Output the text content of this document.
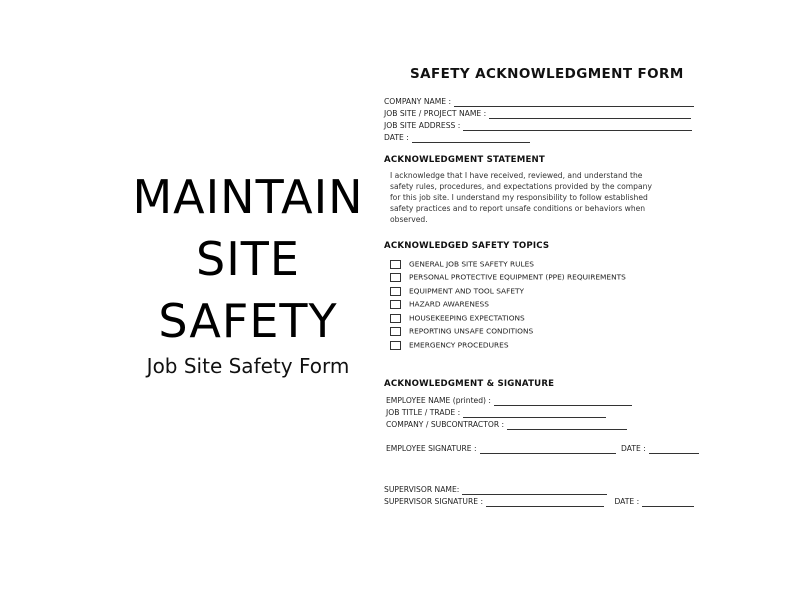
MAINTAIN
SITE
SAFETY
Job Site Safety Form
SAFETY ACKNOWLEDGMENT FORM
COMPANY NAME :
JOB SITE / PROJECT NAME :
JOB SITE ADDRESS :
DATE :
ACKNOWLEDGMENT STATEMENT
I acknowledge that I have received, reviewed, and understand the safety rules, procedures, and expectations provided by the company for this job site. I understand my responsibility to follow established safety practices and to report unsafe conditions or behaviors when observed.
ACKNOWLEDGED SAFETY TOPICS
GENERAL JOB SITE SAFETY RULES
PERSONAL PROTECTIVE EQUIPMENT (PPE) REQUIREMENTS
EQUIPMENT AND TOOL SAFETY
HAZARD AWARENESS
HOUSEKEEPING EXPECTATIONS
REPORTING UNSAFE CONDITIONS
EMERGENCY PROCEDURES
ACKNOWLEDGMENT & SIGNATURE
EMPLOYEE NAME (printed) :
JOB TITLE / TRADE :
COMPANY / SUBCONTRACTOR :
EMPLOYEE SIGNATURE :	DATE :
SUPERVISOR NAME:
SUPERVISOR SIGNATURE :	DATE :
